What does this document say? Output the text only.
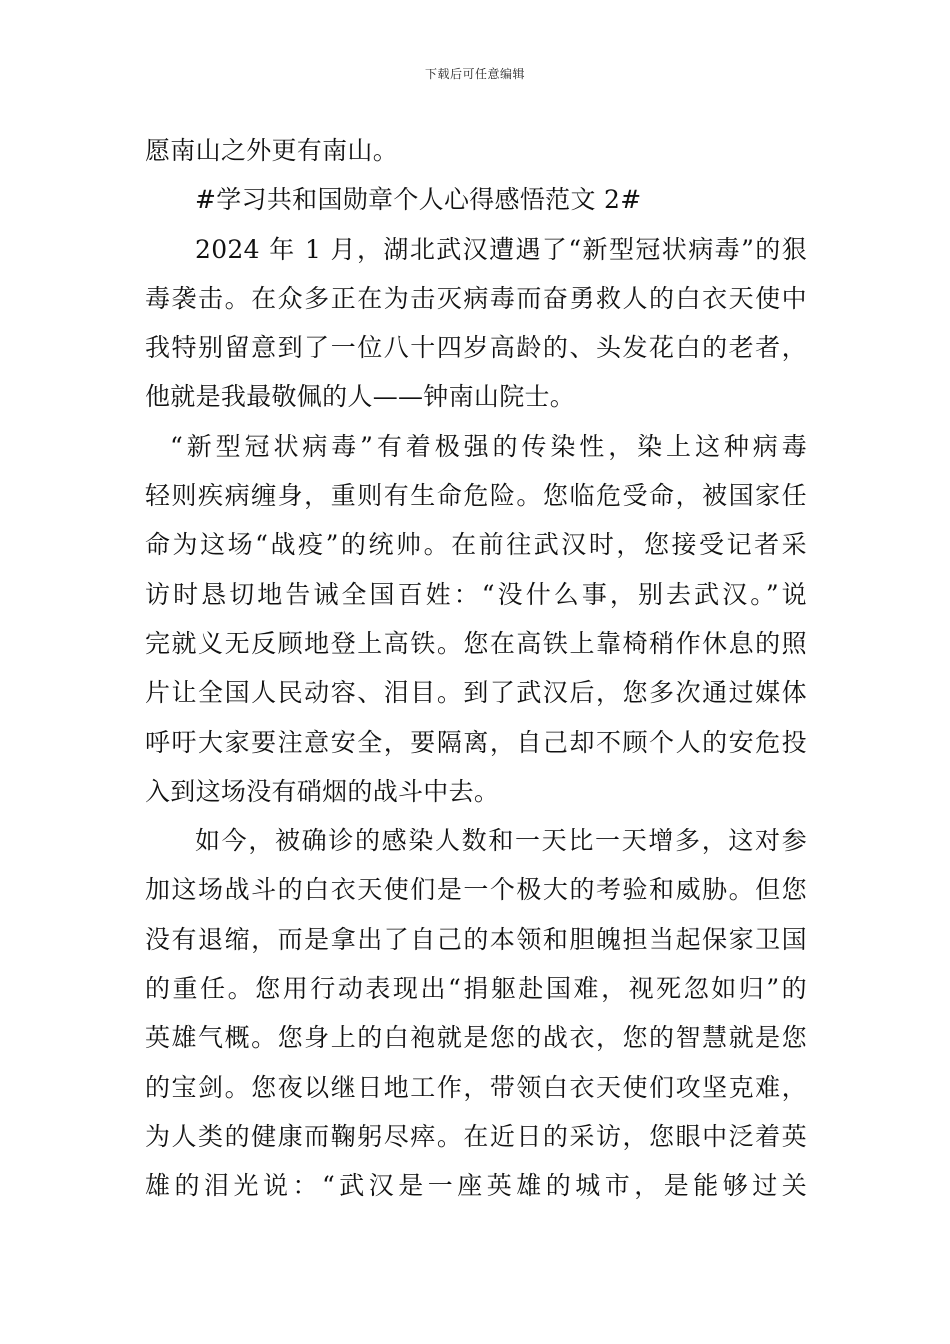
下载后可任意编辑
愿南山之外更有南山。
#学习共和国勋章个人心得感悟范文 2#
2024 年 1 月，湖北武汉遭遇了“新型冠状病毒”的狠
毒袭击。在众多正在为击灭病毒而奋勇救人的白衣天使中
我特别留意到了一位八十四岁高龄的、头发花白的老者，
他就是我最敬佩的人——钟南山院士。
“新型冠状病毒”有着极强的传染性，染上这种病毒
轻则疾病缠身，重则有生命危险。您临危受命，被国家任
命为这场“战疫”的统帅。在前往武汉时，您接受记者采
访时恳切地告诫全国百姓：“没什么事，别去武汉。”说
完就义无反顾地登上高铁。您在高铁上靠椅稍作休息的照
片让全国人民动容、泪目。到了武汉后，您多次通过媒体
呼吁大家要注意安全，要隔离，自己却不顾个人的安危投
入到这场没有硝烟的战斗中去。
如今，被确诊的感染人数和一天比一天增多，这对参
加这场战斗的白衣天使们是一个极大的考验和威胁。但您
没有退缩，而是拿出了自己的本领和胆魄担当起保家卫国
的重任。您用行动表现出“捐躯赴国难，视死忽如归”的
英雄气概。您身上的白袍就是您的战衣，您的智慧就是您
的宝剑。您夜以继日地工作，带领白衣天使们攻坚克难，
为人类的健康而鞠躬尽瘁。在近日的采访，您眼中泛着英
雄的泪光说：“武汉是一座英雄的城市，是能够过关
